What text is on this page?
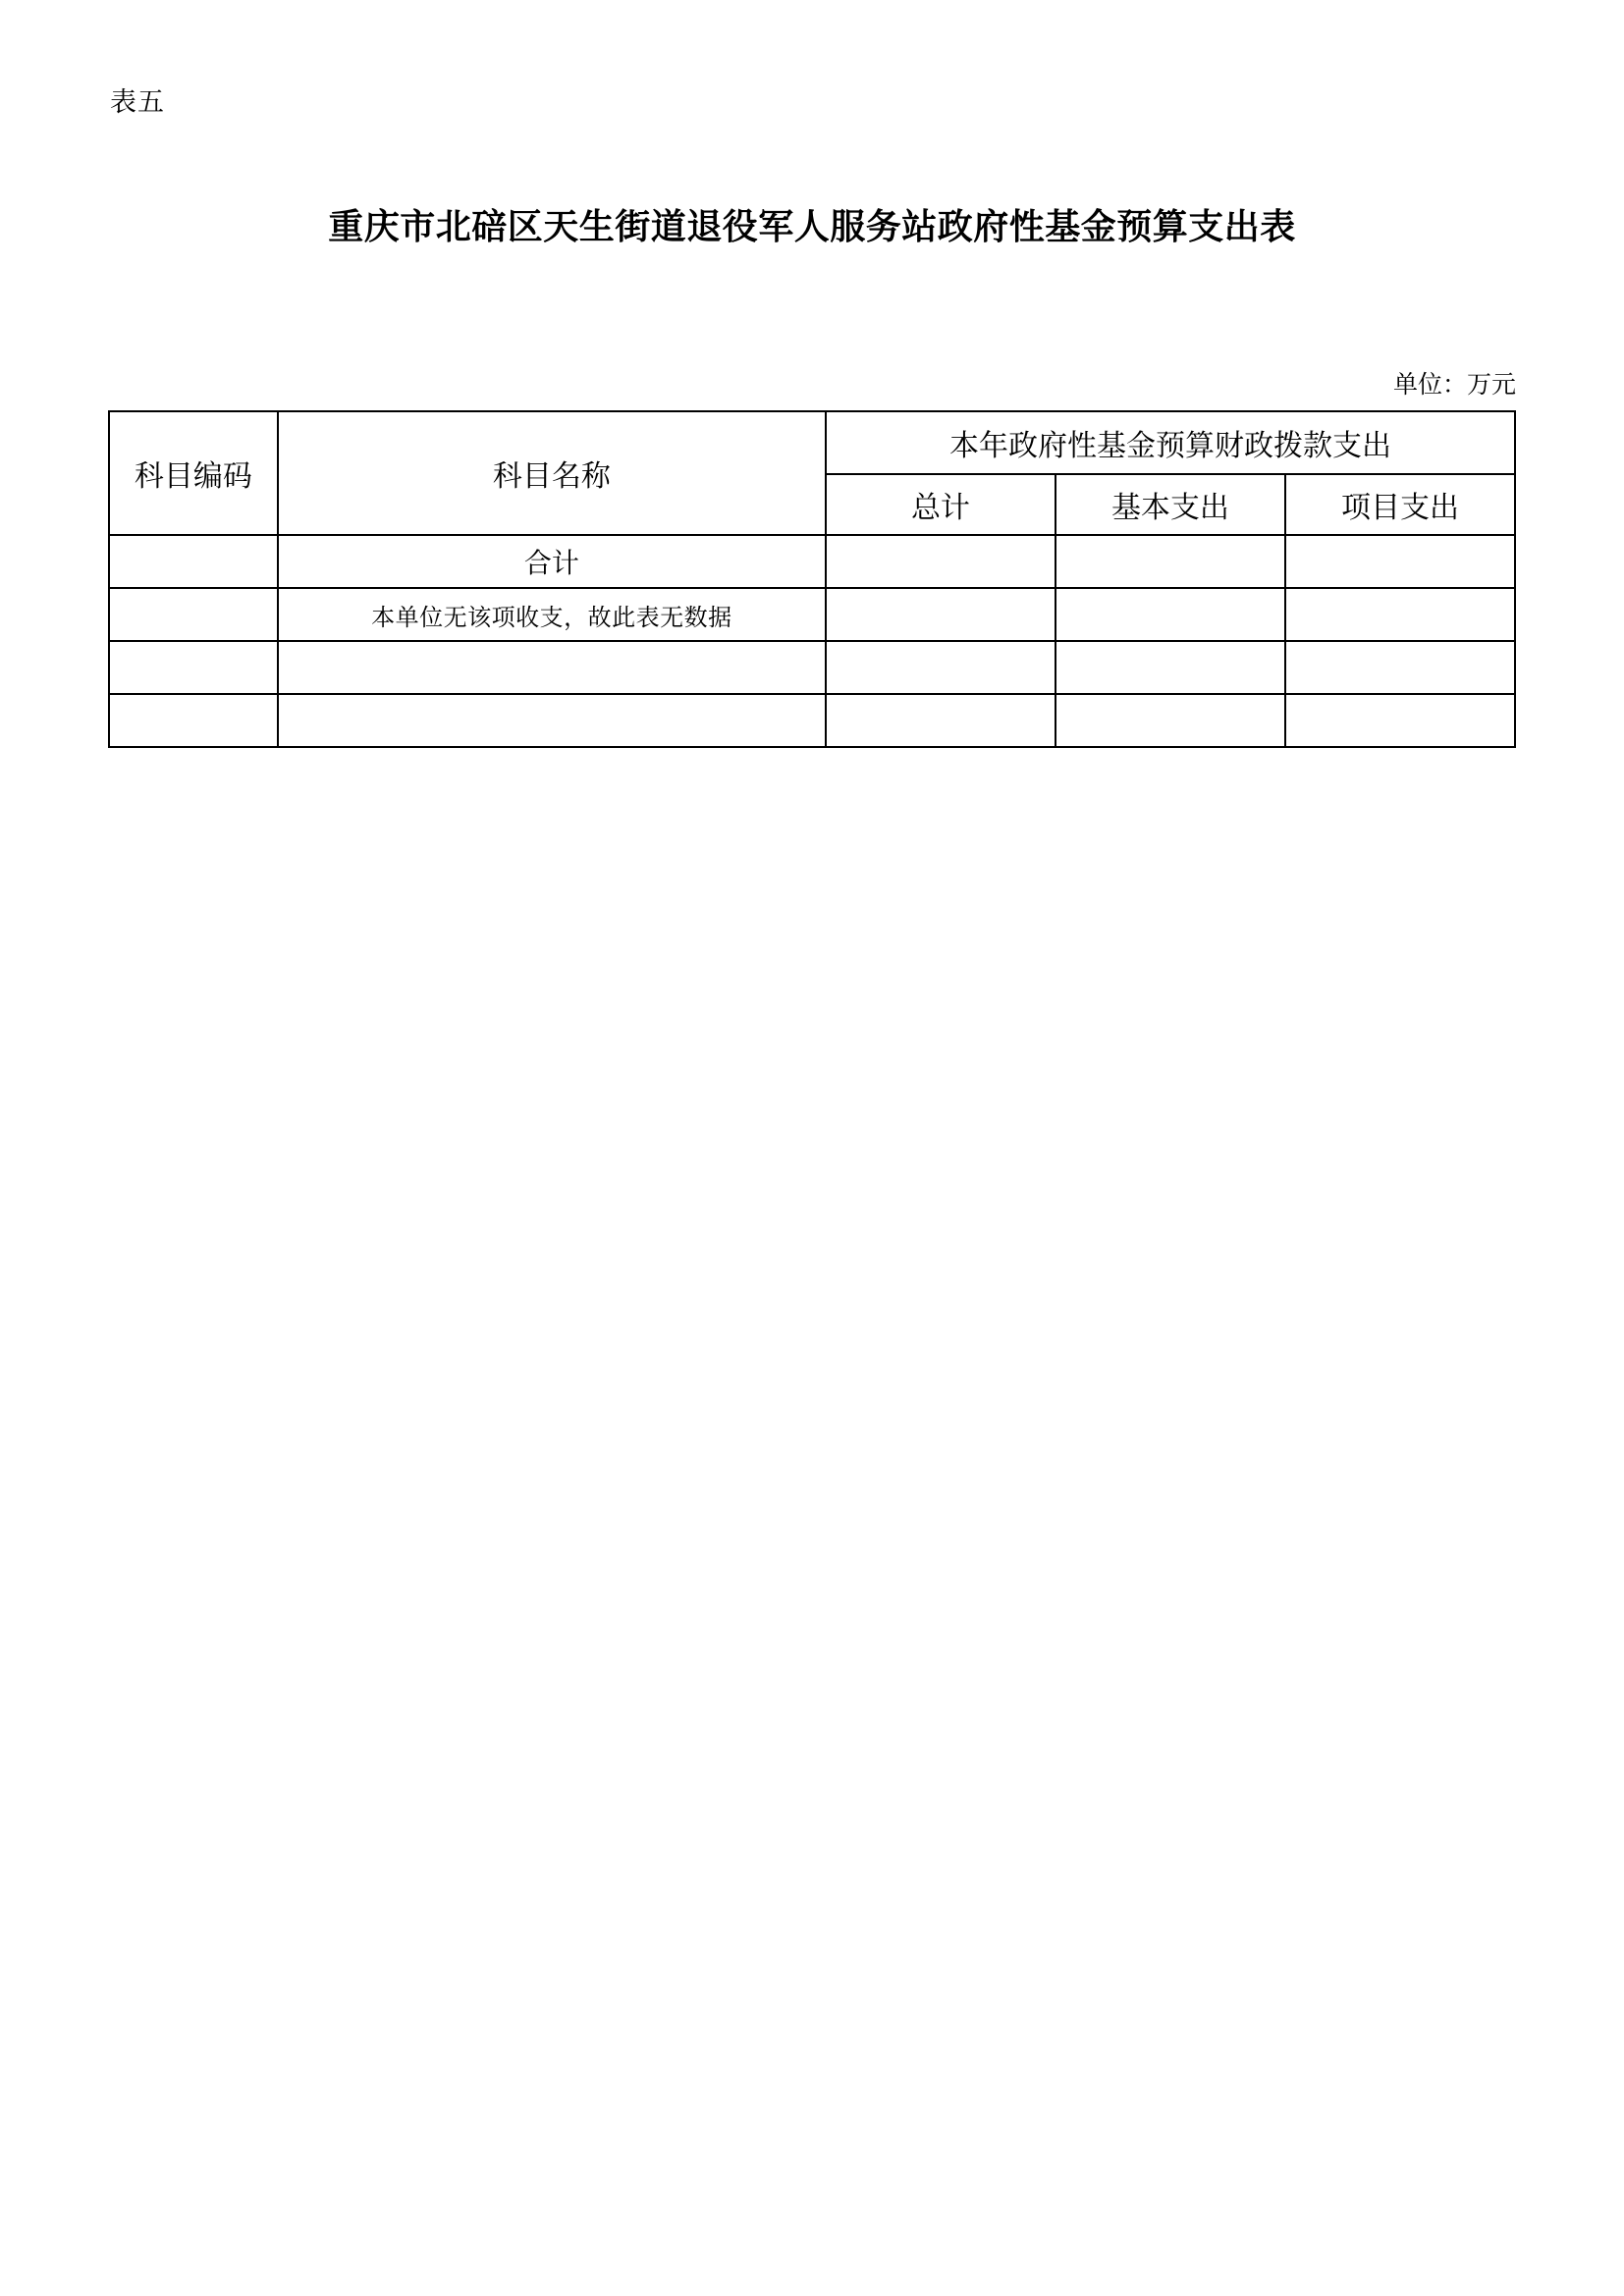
表五
重庆市北碚区天生街道退役军人服务站政府性基金预算支出表
单位：万元
科目编码	科目名称	本年政府性基金预算财政拨款支出		
		总计	基本支出	项目支出
	合计			
	本单位无该项收支，故此表无数据			
